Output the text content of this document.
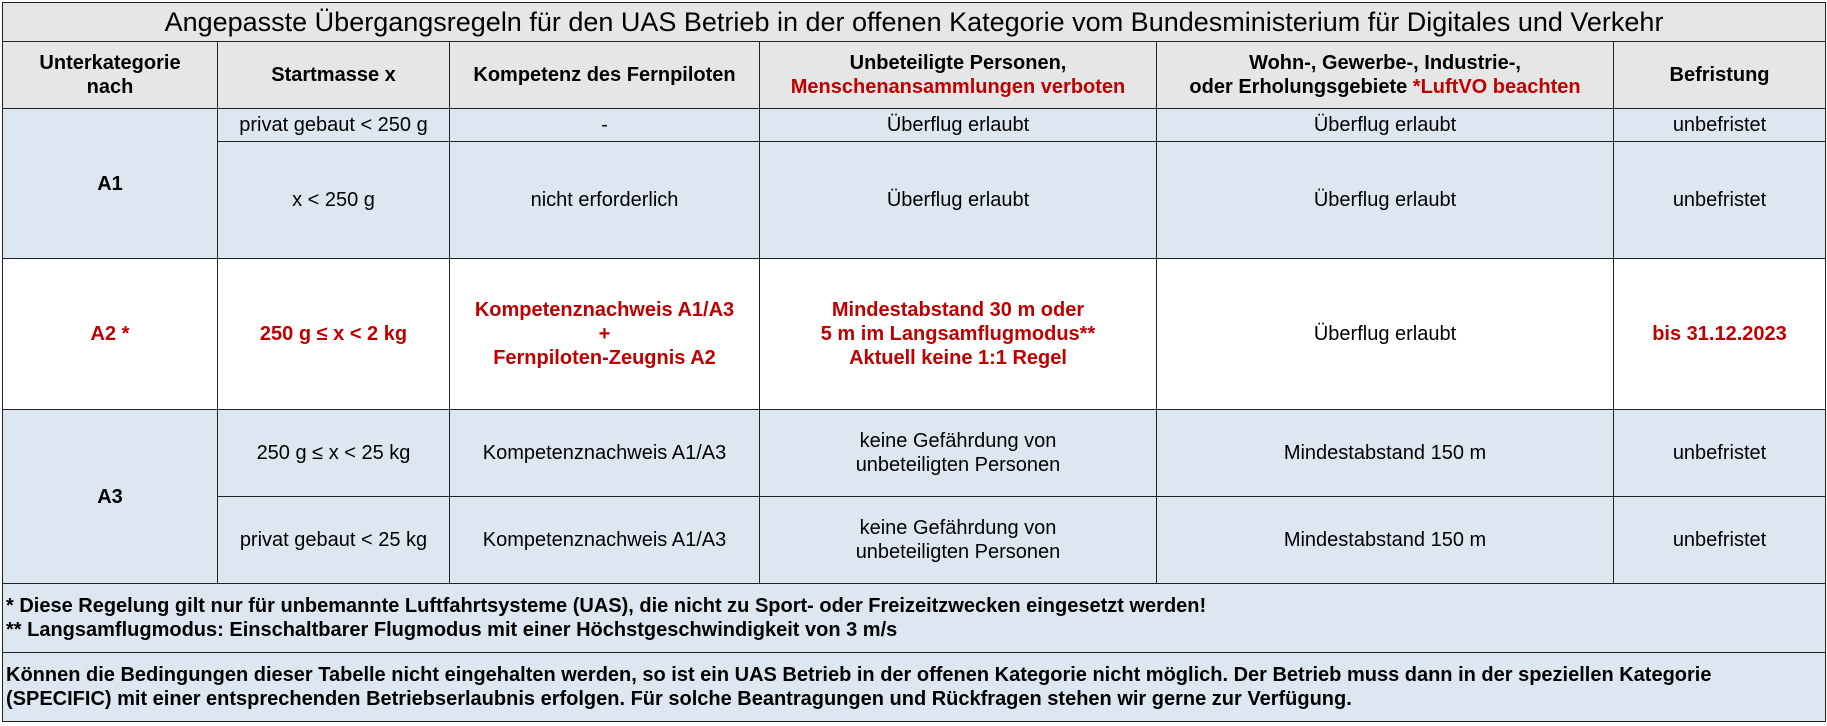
Angepasste Übergangsregeln für den UAS Betrieb in der offenen Kategorie vom Bundesministerium für Digitales und Verkehr					

Unterkategorie
nach	Startmasse x	Kompetenz des Fernpiloten	Unbeteiligte Personen,
Menschenansammlungen verboten	Wohn-, Gewerbe-, Industrie-,
oder Erholungsgebiete *LuftVO beachten	Befristung
A1	privat gebaut < 250 g	-	Überflug erlaubt	Überflug erlaubt	unbefristet
	x < 250 g	nicht erforderlich	Überflug erlaubt	Überflug erlaubt	unbefristet
A2 *	250 g ≤ x < 2 kg	Kompetenznachweis A1/A3
+
Fernpiloten-Zeugnis A2	Mindestabstand 30 m oder
5 m im Langsamflugmodus**
Aktuell keine 1:1 Regel	Überflug erlaubt	bis 31.12.2023
A3	250 g ≤ x < 25 kg	Kompetenznachweis A1/A3	keine Gefährdung von
unbeteiligten Personen	Mindestabstand 150 m	unbefristet
	privat gebaut < 25 kg	Kompetenznachweis A1/A3	keine Gefährdung von
unbeteiligten Personen	Mindestabstand 150 m	unbefristet

* Diese Regelung gilt nur für unbemannte Luftfahrtsysteme (UAS), die nicht zu Sport- oder Freizeitzwecken eingesetzt werden!
** Langsamflugmodus: Einschaltbarer Flugmodus mit einer Höchstgeschwindigkeit von 3 m/s					

Können die Bedingungen dieser Tabelle nicht eingehalten werden, so ist ein UAS Betrieb in der offenen Kategorie nicht möglich. Der Betrieb muss dann in der speziellen Kategorie
(SPECIFIC) mit einer entsprechenden Betriebserlaubnis erfolgen. Für solche Beantragungen und Rückfragen stehen wir gerne zur Verfügung.					
